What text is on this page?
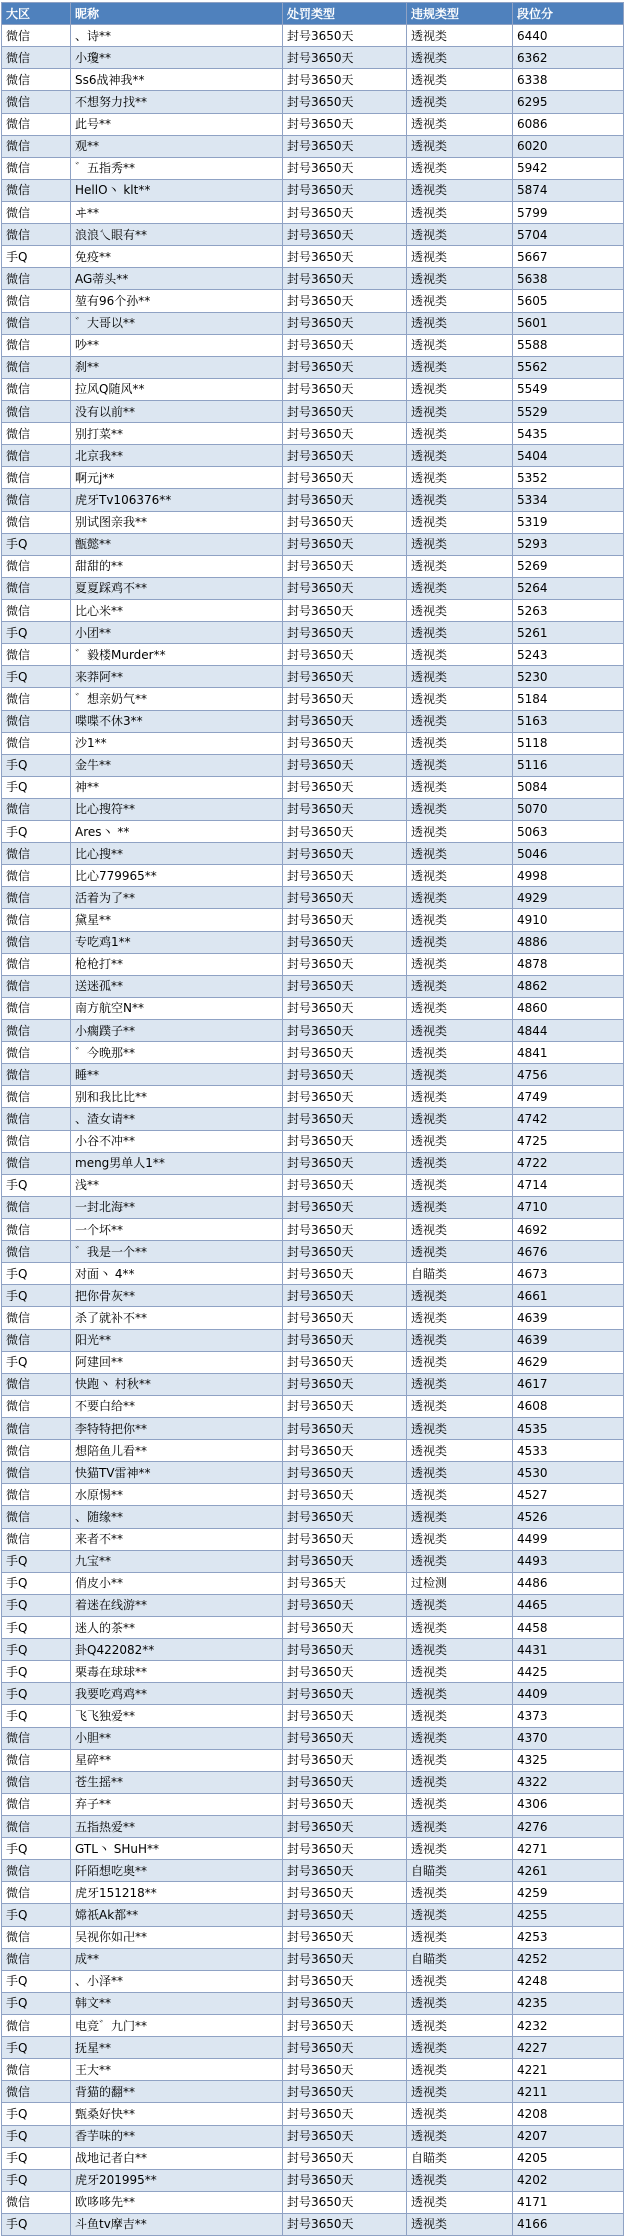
大区	昵称	处罚类型	违规类型	段位分
微信	、诗**	封号3650天	透视类	6440
微信	小瓊**	封号3650天	透视类	6362
微信	Ss6战神我**	封号3650天	透视类	6338
微信	不想努力找**	封号3650天	透视类	6295
微信	此号**	封号3650天	透视类	6086
微信	观**	封号3650天	透视类	6020
微信	゛五指秀**	封号3650天	透视类	5942
微信	HellO丶 klt**	封号3650天	透视类	5874
微信	ヰ**	封号3650天	透视类	5799
微信	浪浪乀眼有**	封号3650天	透视类	5704
手Q	免疫**	封号3650天	透视类	5667
微信	AG蒂头**	封号3650天	透视类	5638
微信	堃有96个孙**	封号3650天	透视类	5605
微信	゛大哥以**	封号3650天	透视类	5601
微信	吵**	封号3650天	透视类	5588
微信	刹**	封号3650天	透视类	5562
微信	拉风Q随风**	封号3650天	透视类	5549
微信	没有以前**	封号3650天	透视类	5529
微信	别打菜**	封号3650天	透视类	5435
微信	北京我**	封号3650天	透视类	5404
微信	啊元j**	封号3650天	透视类	5352
微信	虎牙Tv106376**	封号3650天	透视类	5334
微信	别试图亲我**	封号3650天	透视类	5319
手Q	甑懿**	封号3650天	透视类	5293
微信	甜甜的**	封号3650天	透视类	5269
微信	夏夏踩鸡不**	封号3650天	透视类	5264
微信	比心米**	封号3650天	透视类	5263
手Q	小团**	封号3650天	透视类	5261
微信	゛毅楼Murder**	封号3650天	透视类	5243
手Q	来莽阿**	封号3650天	透视类	5230
微信	゛想亲奶气**	封号3650天	透视类	5184
微信	喋喋不休3**	封号3650天	透视类	5163
微信	沙1**	封号3650天	透视类	5118
手Q	金牛**	封号3650天	透视类	5116
手Q	神**	封号3650天	透视类	5084
微信	比心搜符**	封号3650天	透视类	5070
手Q	Ares丶 **	封号3650天	透视类	5063
微信	比心搜**	封号3650天	透视类	5046
微信	比心779965**	封号3650天	透视类	4998
微信	活着为了**	封号3650天	透视类	4929
微信	黛星**	封号3650天	透视类	4910
微信	专吃鸡1**	封号3650天	透视类	4886
微信	枪枪打**	封号3650天	透视类	4878
微信	送迷孤**	封号3650天	透视类	4862
微信	南方航空N**	封号3650天	透视类	4860
微信	小瘸蹼子**	封号3650天	透视类	4844
微信	゛今晚那**	封号3650天	透视类	4841
微信	睡**	封号3650天	透视类	4756
微信	别和我比比**	封号3650天	透视类	4749
微信	、渣女请**	封号3650天	透视类	4742
微信	小谷不冲**	封号3650天	透视类	4725
微信	meng男单人1**	封号3650天	透视类	4722
手Q	浅**	封号3650天	透视类	4714
微信	一封北海**	封号3650天	透视类	4710
微信	一个坏**	封号3650天	透视类	4692
微信	゛我是一个**	封号3650天	透视类	4676
手Q	对面丶 4**	封号3650天	自瞄类	4673
手Q	把你骨灰**	封号3650天	透视类	4661
微信	杀了就补不**	封号3650天	透视类	4639
微信	阳光**	封号3650天	透视类	4639
手Q	阿建回**	封号3650天	透视类	4629
微信	快跑丶 村秋**	封号3650天	透视类	4617
微信	不要白给**	封号3650天	透视类	4608
微信	李特特把你**	封号3650天	透视类	4535
微信	想陪鱼儿看**	封号3650天	透视类	4533
微信	快猫TV雷神**	封号3650天	透视类	4530
微信	水原惕**	封号3650天	透视类	4527
微信	、随缘**	封号3650天	透视类	4526
微信	来者不**	封号3650天	透视类	4499
手Q	九宝**	封号3650天	透视类	4493
手Q	俏皮小**	封号365天	过检测	4486
手Q	着迷在线游**	封号3650天	透视类	4465
手Q	迷人的茶**	封号3650天	透视类	4458
手Q	卦Q422082**	封号3650天	透视类	4431
手Q	栗毒在球球**	封号3650天	透视类	4425
手Q	我要吃鸡鸡**	封号3650天	透视类	4409
手Q	飞飞独爱**	封号3650天	透视类	4373
微信	小胆**	封号3650天	透视类	4370
微信	星碎**	封号3650天	透视类	4325
微信	苍生摇**	封号3650天	透视类	4322
微信	弃子**	封号3650天	透视类	4306
微信	五指热爱**	封号3650天	透视类	4276
手Q	GTL丶 SHuH**	封号3650天	透视类	4271
微信	阡陌想吃奥**	封号3650天	自瞄类	4261
微信	虎牙151218**	封号3650天	透视类	4259
手Q	嫦祇Ak都**	封号3650天	透视类	4255
微信	吴视你如卍**	封号3650天	透视类	4253
微信	成**	封号3650天	自瞄类	4252
手Q	、小泽**	封号3650天	透视类	4248
手Q	韩文**	封号3650天	透视类	4235
微信	电竞゛九门**	封号3650天	透视类	4232
手Q	抚星**	封号3650天	透视类	4227
微信	王大**	封号3650天	透视类	4221
微信	背猫的翻**	封号3650天	透视类	4211
手Q	甄桑好快**	封号3650天	透视类	4208
手Q	香芋味的**	封号3650天	透视类	4207
手Q	战地记者白**	封号3650天	自瞄类	4205
手Q	虎牙201995**	封号3650天	透视类	4202
微信	欧哆哆先**	封号3650天	透视类	4171
手Q	斗鱼tv摩吉**	封号3650天	透视类	4166
